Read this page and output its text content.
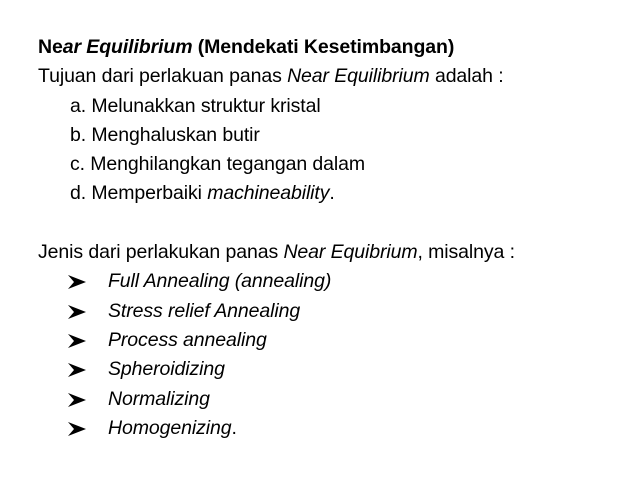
Near Equilibrium (Mendekati Kesetimbangan)
Tujuan dari perlakuan panas Near Equilibrium adalah :
a. Melunakkan struktur kristal
b. Menghaluskan butir
c. Menghilangkan tegangan dalam
d. Memperbaiki machineability.
Jenis dari perlakukan panas Near Equibrium, misalnya :
Full Annealing (annealing)
Stress relief Annealing
Process annealing
Spheroidizing
Normalizing
Homogenizing.
